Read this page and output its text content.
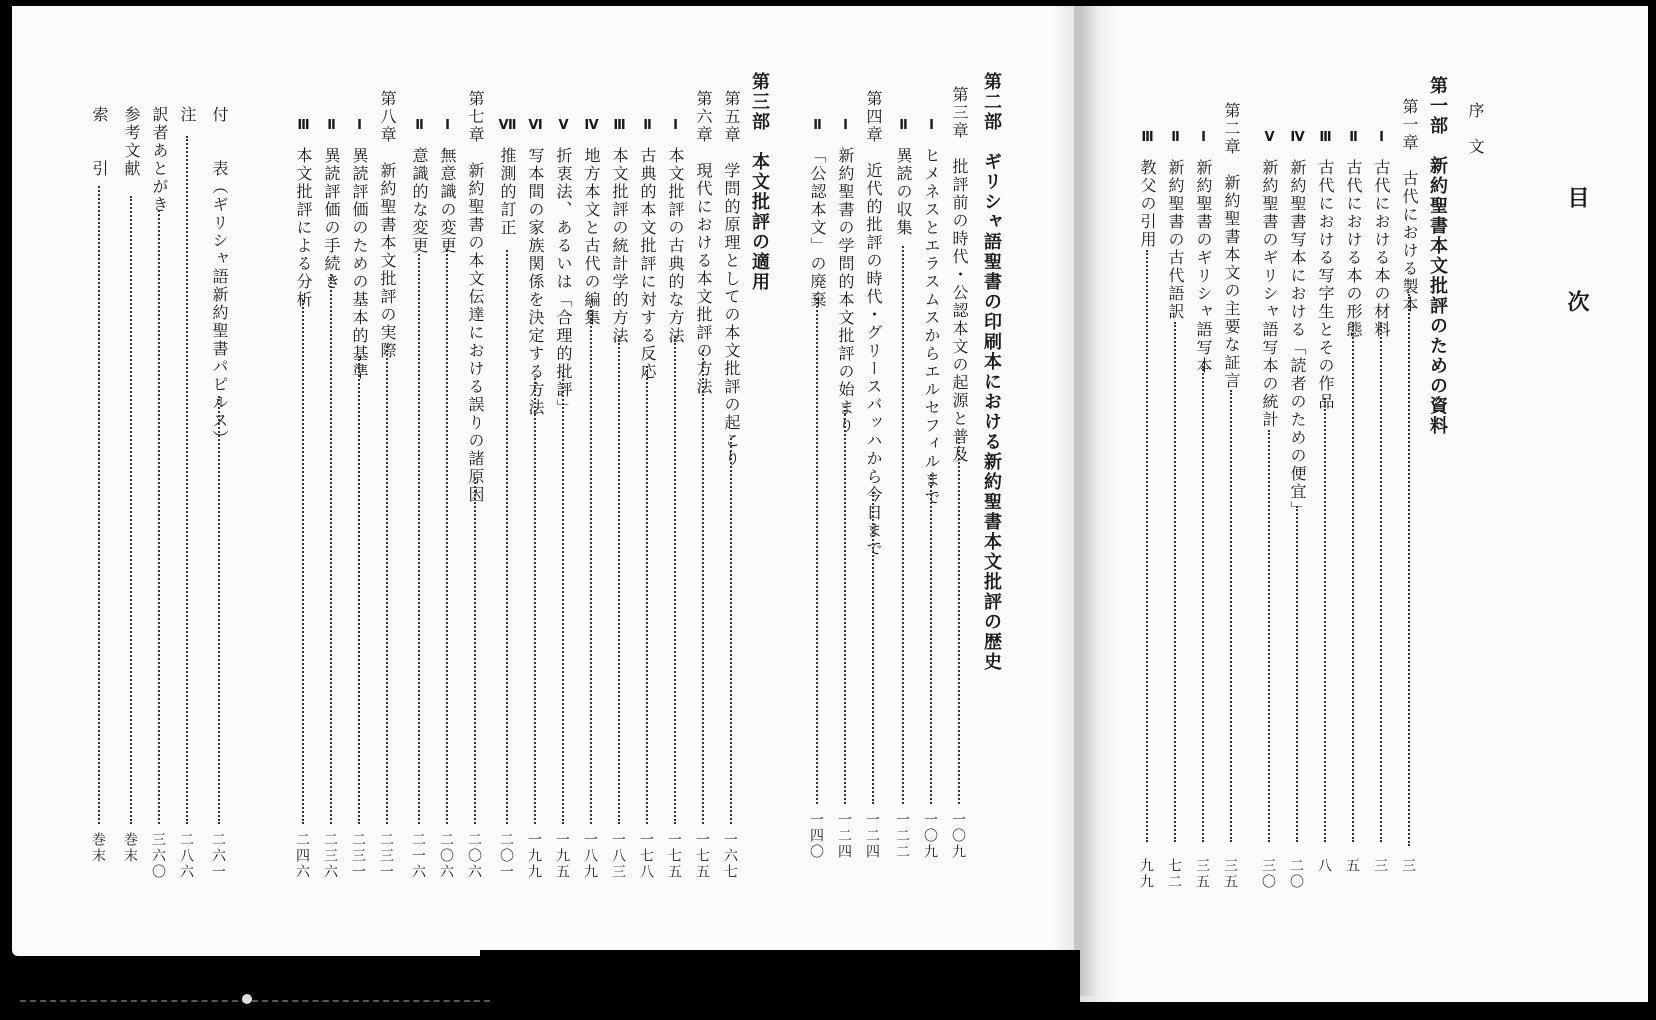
目　次
序　文
第一部　新約聖書本文批評のための資料
第一章　古代における製本
三
Ⅰ古代における本の材料
三
Ⅱ古代における本の形態
五
Ⅲ古代における写字生とその作品
八
Ⅳ新約聖書写本における「読者のための便宜」
二〇
Ⅴ新約聖書のギリシャ語写本の統計
三〇
第二章　新約聖書本文の主要な証言
三五
Ⅰ新約聖書のギリシャ語写本
三五
Ⅱ新約聖書の古代語訳
七二
Ⅲ教父の引用
九九
第二部　ギリシャ語聖書の印刷本における新約聖書本文批評の歴史
第三章　批評前の時代・公認本文の起源と普及
一〇九
Ⅰヒメネスとエラスムスからエルセフィルまで
一〇九
Ⅱ異読の収集
一二二
第四章　近代的批評の時代・グリースバッハから今日まで
一二四
Ⅰ新約聖書の学問的本文批評の始まり
一二四
Ⅱ「公認本文」の廃棄
一四〇
第三部　本文批評の適用
第五章　学問的原理としての本文批評の起こり
一六七
第六章　現代における本文批評の方法
一七五
Ⅰ本文批評の古典的な方法
一七五
Ⅱ古典的本文批評に対する反応
一七八
Ⅲ本文批評の統計学的方法
一八三
Ⅳ地方本文と古代の編集
一八九
Ⅴ折衷法、あるいは「合理的批評」
一九五
Ⅵ写本間の家族関係を決定する方法
一九九
Ⅶ推測的訂正
二〇一
第七章　新約聖書の本文伝達における誤りの諸原因
二〇六
Ⅰ無意識の変更
二〇六
Ⅱ意識的な変更
二一六
第八章　新約聖書本文批評の実際
二三一
Ⅰ異読評価のための基本的基準
二三一
Ⅱ異読評価の手続き
二三六
Ⅲ本文批評による分析
二四六
付　　表（ギリシャ語新約聖書パピルス）
二六一
注
二八六
訳者あとがき
三六〇
参考文献
巻末
索　　引
巻末
